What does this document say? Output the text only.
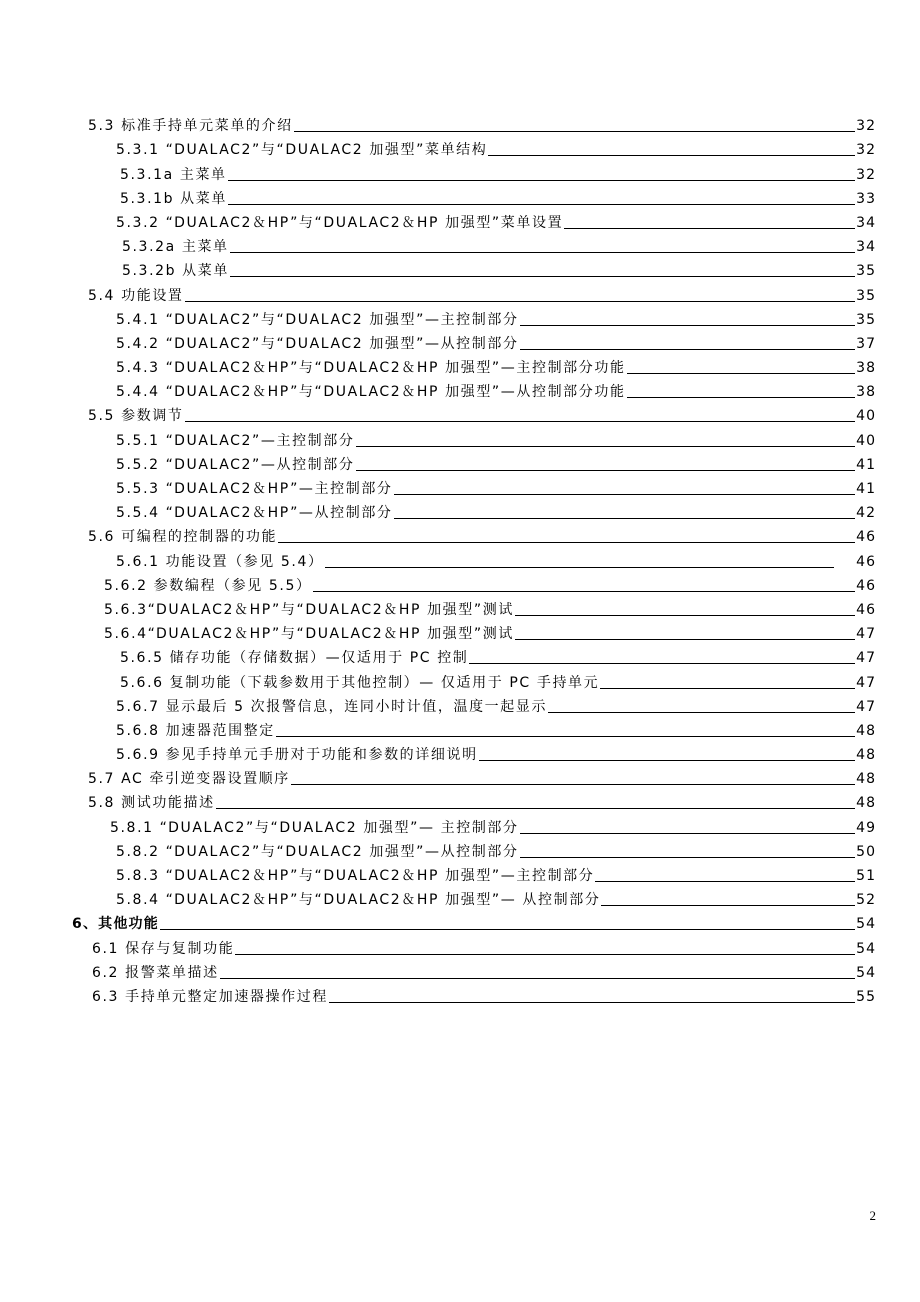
5.3 标准手持单元菜单的介绍	32
5.3.1 “DUALAC2”与“DUALAC2 加强型”菜单结构	32
5.3.1a 主菜单	32
5.3.1b 从菜单	33
5.3.2 “DUALAC2＆HP”与“DUALAC2＆HP 加强型”菜单设置	34
5.3.2a 主菜单	34
5.3.2b 从菜单	35
5.4 功能设置	35
5.4.1 “DUALAC2”与“DUALAC2 加强型”—主控制部分	35
5.4.2 “DUALAC2”与“DUALAC2 加强型”—从控制部分	37
5.4.3 “DUALAC2＆HP”与“DUALAC2＆HP 加强型”—主控制部分功能	38
5.4.4 “DUALAC2＆HP”与“DUALAC2＆HP 加强型”—从控制部分功能	38
5.5 参数调节	40
5.5.1 “DUALAC2”—主控制部分	40
5.5.2 “DUALAC2”—从控制部分	41
5.5.3 “DUALAC2＆HP”—主控制部分	41
5.5.4 “DUALAC2＆HP”—从控制部分	42
5.6 可编程的控制器的功能	46
5.6.1 功能设置（参见 5.4）	46
5.6.2 参数编程（参见 5.5）	46
5.6.3“DUALAC2＆HP”与“DUALAC2＆HP 加强型”测试	46
5.6.4“DUALAC2＆HP”与“DUALAC2＆HP 加强型”测试	47
5.6.5 储存功能（存储数据）—仅适用于 PC 控制	47
5.6.6 复制功能（下载参数用于其他控制）— 仅适用于 PC 手持单元	47
5.6.7 显示最后 5 次报警信息，连同小时计值，温度一起显示	47
5.6.8 加速器范围整定	48
5.6.9 参见手持单元手册对于功能和参数的详细说明	48
5.7 AC 牵引逆变器设置顺序	48
5.8 测试功能描述	48
5.8.1 “DUALAC2”与“DUALAC2 加强型”— 主控制部分	49
5.8.2 “DUALAC2”与“DUALAC2 加强型”—从控制部分	50
5.8.3 “DUALAC2＆HP”与“DUALAC2＆HP 加强型”—主控制部分	51
5.8.4 “DUALAC2＆HP”与“DUALAC2＆HP 加强型”— 从控制部分	52
6、其他功能	54
6.1 保存与复制功能	54
6.2 报警菜单描述	54
6.3 手持单元整定加速器操作过程	55
2
